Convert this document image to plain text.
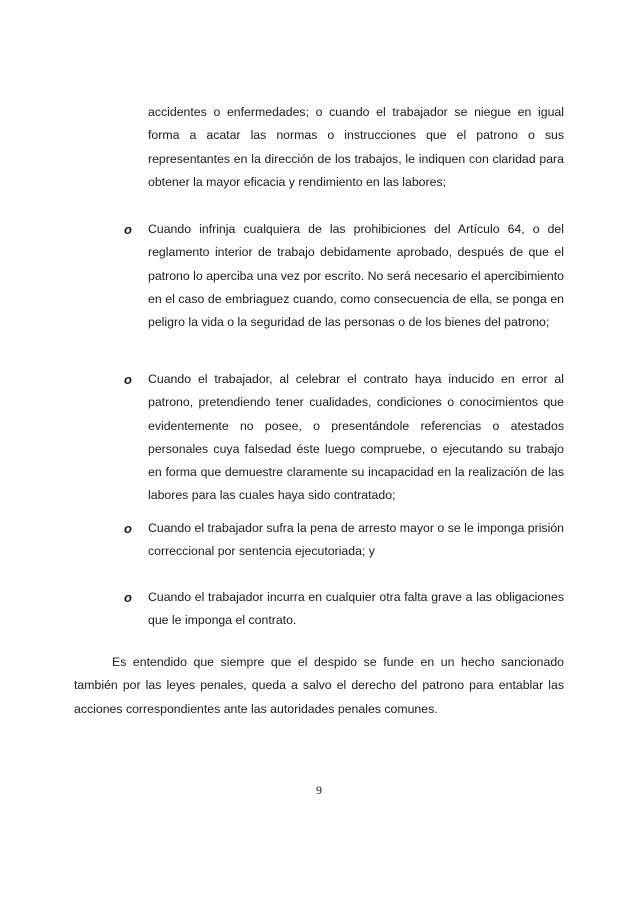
accidentes o enfermedades; o cuando el trabajador se niegue en igual forma a acatar las normas o instrucciones que el patrono o sus representantes en la dirección de los trabajos, le indiquen con claridad para obtener la mayor eficacia y rendimiento en las labores;

o Cuando infrinja cualquiera de las prohibiciones del Artículo 64, o del reglamento interior de trabajo debidamente aprobado, después de que el patrono lo aperciba una vez por escrito. No será necesario el apercibimiento en el caso de embriaguez cuando, como consecuencia de ella, se ponga en peligro la vida o la seguridad de las personas o de los bienes del patrono;

o Cuando el trabajador, al celebrar el contrato haya inducido en error al patrono, pretendiendo tener cualidades, condiciones o conocimientos que evidentemente no posee, o presentándole referencias o atestados personales cuya falsedad éste luego compruebe, o ejecutando su trabajo en forma que demuestre claramente su incapacidad en la realización de las labores para las cuales haya sido contratado;

o Cuando el trabajador sufra la pena de arresto mayor o se le imponga prisión correccional por sentencia ejecutoriada; y

o Cuando el trabajador incurra en cualquier otra falta grave a las obligaciones que le imponga el contrato.

Es entendido que siempre que el despido se funde en un hecho sancionado también por las leyes penales, queda a salvo el derecho del patrono para entablar las acciones correspondientes ante las autoridades penales comunes.

9
